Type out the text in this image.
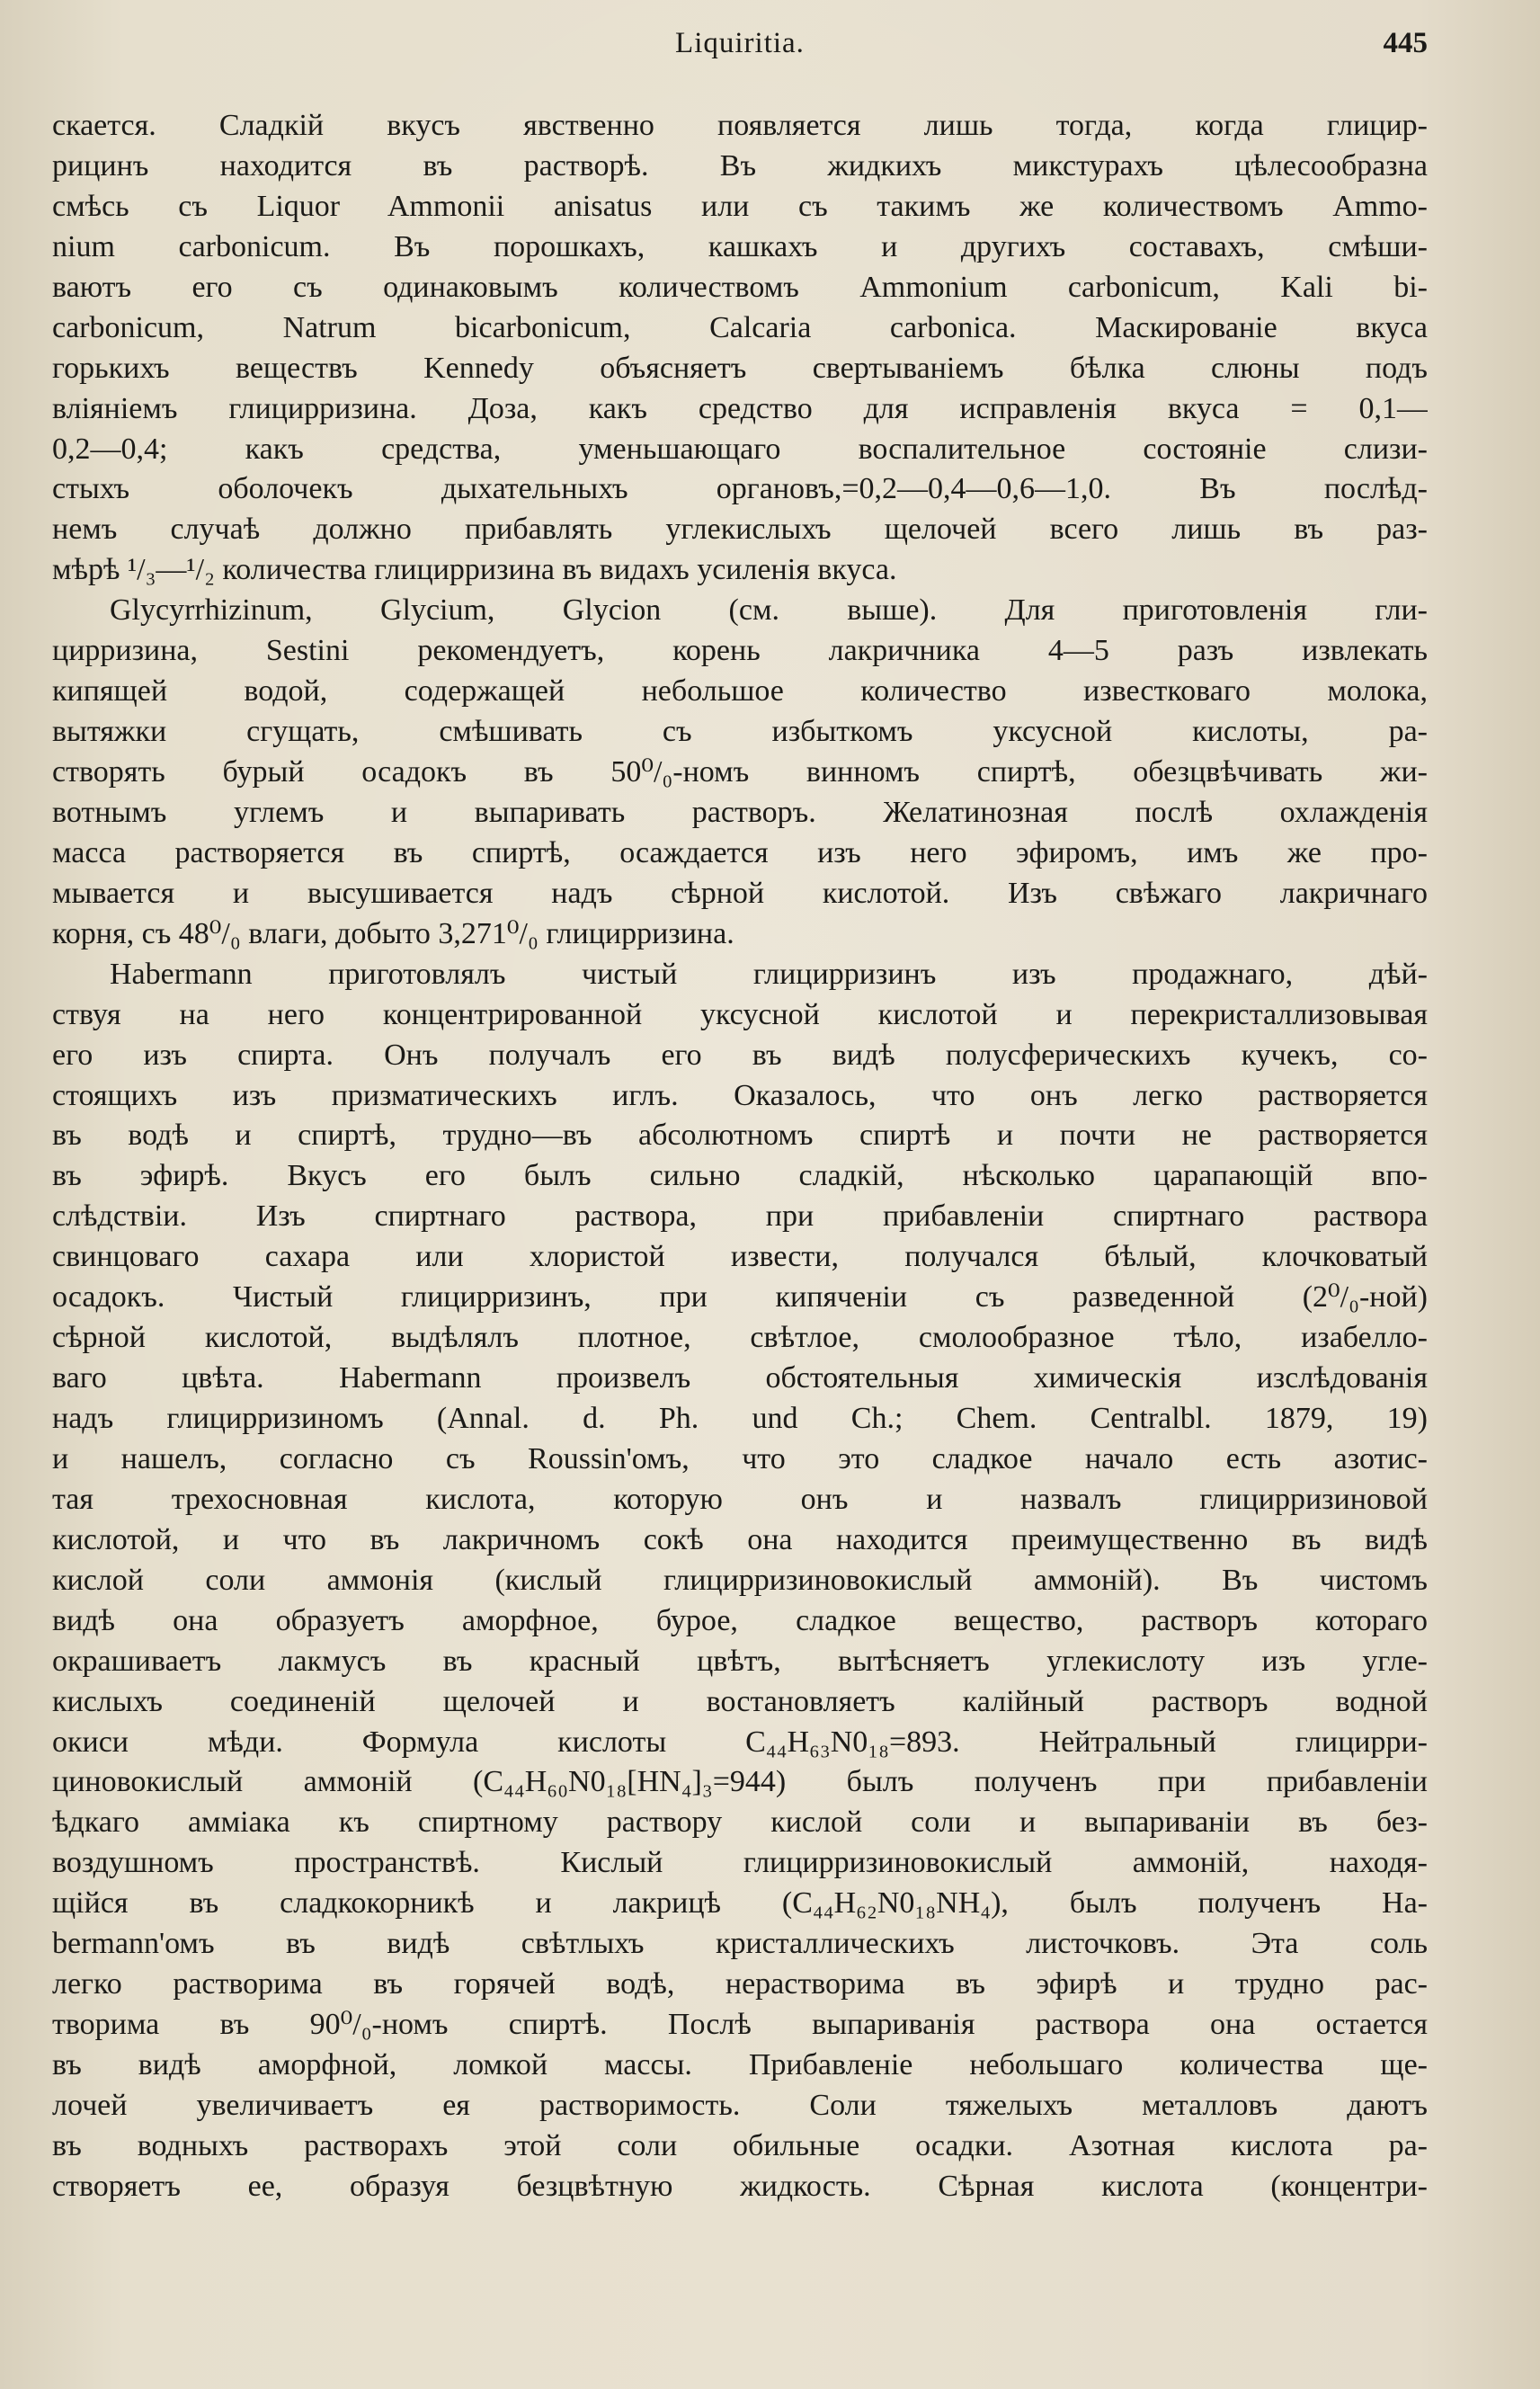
Liquiritia.	445
скается. Сладкій вкусъ явственно появляется лишь тогда, когда глицир-
рицинъ находится въ растворѣ. Въ жидкихъ микстурахъ цѣлесообразна
смѣсь съ Liquor Ammonii anisatus или съ такимъ же количествомъ Ammo-
nium carbonicum. Въ порошкахъ, кашкахъ и другихъ составахъ, смѣши-
ваютъ его съ одинаковымъ количествомъ Ammonium carbonicum, Kali bi-
carbonicum, Natrum bicarbonicum, Calcaria carbonica. Маскированіе вкуса
горькихъ веществъ Kennedy объясняетъ свертываніемъ бѣлка слюны подъ
вліяніемъ глицирризина. Доза, какъ средство для исправленія вкуса = 0,1—
0,2—0,4; какъ средства, уменьшающаго воспалительное состояніе слизи-
стыхъ оболочекъ дыхательныхъ органовъ,=0,2—0,4—0,6—1,0. Въ послѣд-
немъ случаѣ должно прибавлять углекислыхъ щелочей всего лишь въ раз-
мѣрѣ ¹/₃—¹/₂ количества глицирризина въ видахъ усиленія вкуса.
Glycyrrhizinum, Glycium, Glycion (см. выше). Для приготовленія гли-
цирризина, Sestini рекомендуетъ, корень лакричника 4—5 разъ извлекать
кипящей водой, содержащей небольшое количество известковаго молока,
вытяжки сгущать, смѣшивать съ избыткомъ уксусной кислоты, ра-
створять бурый осадокъ въ 50⁰/₀-номъ винномъ спиртѣ, обезцвѣчивать жи-
вотнымъ углемъ и выпаривать растворъ. Желатинозная послѣ охлажденія
масса растворяется въ спиртѣ, осаждается изъ него эфиромъ, имъ же про-
мывается и высушивается надъ сѣрной кислотой. Изъ свѣжаго лакричнаго
корня, съ 48⁰/₀ влаги, добыто 3,271⁰/₀ глицирризина.
Habermann приготовлялъ чистый глицирризинъ изъ продажнаго, дѣй-
ствуя на него концентрированной уксусной кислотой и перекристаллизовывая
его изъ спирта. Онъ получалъ его въ видѣ полусферическихъ кучекъ, со-
стоящихъ изъ призматическихъ иглъ. Оказалось, что онъ легко растворяется
въ водѣ и спиртѣ, трудно—въ абсолютномъ спиртѣ и почти не растворяется
въ эфирѣ. Вкусъ его былъ сильно сладкій, нѣсколько царапающій впо-
слѣдствіи. Изъ спиртнаго раствора, при прибавленіи спиртнаго раствора
свинцоваго сахара или хлористой извести, получался бѣлый, клочковатый
осадокъ. Чистый глицирризинъ, при кипяченіи съ разведенной (2⁰/₀-ной)
сѣрной кислотой, выдѣлялъ плотное, свѣтлое, смолообразное тѣло, изабелло-
ваго цвѣта. Habermann произвелъ обстоятельныя химическія изслѣдованія
надъ глицирризиномъ (Annal. d. Ph. und Ch.; Chem. Centralbl. 1879, 19)
и нашелъ, согласно съ Roussin'омъ, что это сладкое начало есть азотис-
тая трехосновная кислота, которую онъ и назвалъ глицирризиновой
кислотой, и что въ лакричномъ сокѣ она находится преимущественно въ видѣ
кислой соли аммонія (кислый глицирризиновокислый аммоній). Въ чистомъ
видѣ она образуетъ аморфное, бурое, сладкое вещество, растворъ котораго
окрашиваетъ лакмусъ въ красный цвѣтъ, вытѣсняетъ углекислоту изъ угле-
кислыхъ соединеній щелочей и востановляетъ калійный растворъ водной
окиси мѣди. Формула кислоты C₄₄H₆₃N0₁₈=893. Нейтральный глицирри-
циновокислый аммоній (C₄₄H₆₀N0₁₈[HN₄]₃=944) былъ полученъ при прибавленіи
ѣдкаго амміака къ спиртному раствору кислой соли и выпариваніи въ без-
воздушномъ пространствѣ. Кислый глицирризиновокислый аммоній, находя-
щійся въ сладкокорникѣ и лакрицѣ (C₄₄H₆₂N0₁₈NH₄), былъ полученъ Ha-
bermann'омъ въ видѣ свѣтлыхъ кристаллическихъ листочковъ. Эта соль
легко растворима въ горячей водѣ, нерастворима въ эфирѣ и трудно рас-
творима въ 90⁰/₀-номъ спиртѣ. Послѣ выпариванія раствора она остается
въ видѣ аморфной, ломкой массы. Прибавленіе небольшаго количества ще-
лочей увеличиваетъ ея растворимость. Соли тяжелыхъ металловъ даютъ
въ водныхъ растворахъ этой соли обильные осадки. Азотная кислота ра-
створяетъ ее, образуя безцвѣтную жидкость. Сѣрная кислота (концентри-
